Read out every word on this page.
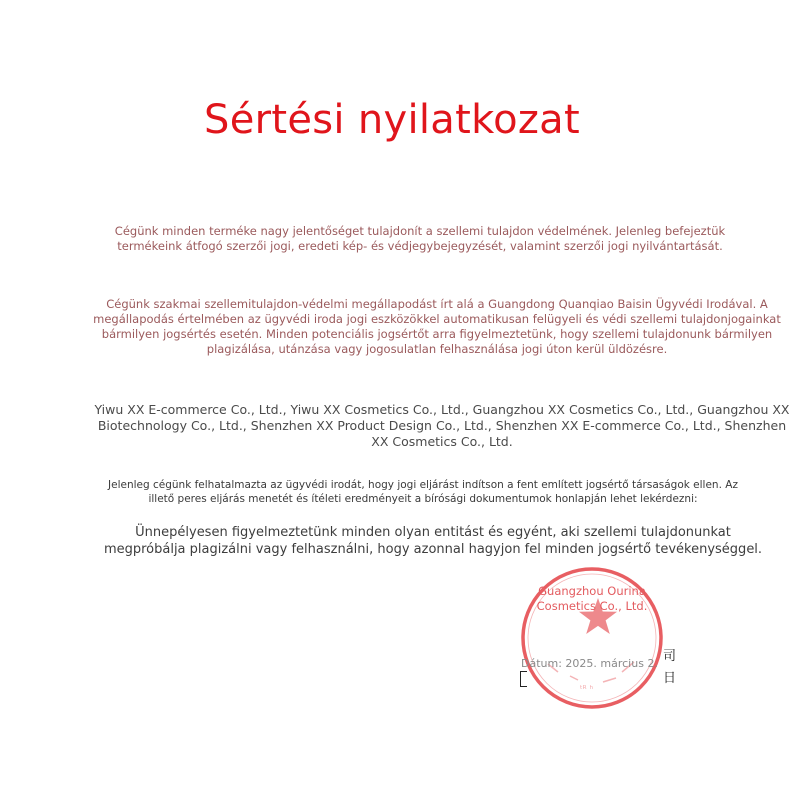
Sértési nyilatkozat

Cégünk minden terméke nagy jelentőséget tulajdonít a szellemi tulajdon védelmének. Jelenleg befejeztük termékeink átfogó szerzői jogi, eredeti kép- és védjegybejegyzését, valamint szerzői jogi nyilvántartását.

Cégünk szakmai szellemitulajdon-védelmi megállapodást írt alá a Guangdong Quanqiao Baisin Ügyvédi Irodával. A megállapodás értelmében az ügyvédi iroda jogi eszközökkel automatikusan felügyeli és védi szellemi tulajdonjogainkat bármilyen jogsértés esetén. Minden potenciális jogsértőt arra figyelmeztetünk, hogy szellemi tulajdonunk bármilyen plagizálása, utánzása vagy jogosulatlan felhasználása jogi úton kerül üldözésre.

Yiwu XX E-commerce Co., Ltd., Yiwu XX Cosmetics Co., Ltd., Guangzhou XX Cosmetics Co., Ltd., Guangzhou XX Biotechnology Co., Ltd., Shenzhen XX Product Design Co., Ltd., Shenzhen XX E-commerce Co., Ltd., Shenzhen XX Cosmetics Co., Ltd.

Jelenleg cégünk felhatalmazta az ügyvédi irodát, hogy jogi eljárást indítson a fent említett jogsértő társaságok ellen. Az illető peres eljárás menetét és ítéleti eredményeit a bírósági dokumentumok honlapján lehet lekérdezni:

Ünnepélyesen figyelmeztetünk minden olyan entitást és egyént, aki szellemi tulajdonunkat megpróbálja plagizálni vagy felhasználni, hogy azonnal hagyjon fel minden jogsértő tevékenységgel.

ᵗᴿ ʰ
Guangzhou Ourina Cosmetics Co., Ltd.
Dátum: 2025. március 2. 司
日
